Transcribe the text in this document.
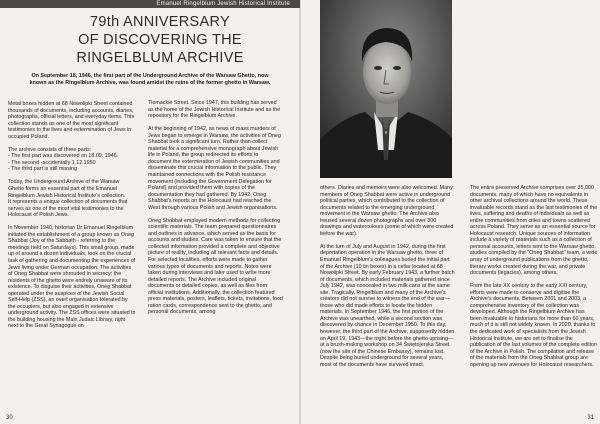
Emanuel Ringelblum Jewish Historical Institute
79th ANNIVERSARY
OF DISCOVERING THE
RINGELBLUM ARCHIVE
On September 18, 1946, the first part of the Underground Archive of the Warsaw Ghetto, now known as the Ringelblum Archive, was found amidst the ruins of the former ghetto in Warsaw.

Metal boxes hidden at 68 Nowolipki Street contained thousands of documents, including accounts, diaries, photographs, official letters, and everyday items. This collection stands as one of the most significant testimonies to the lives and extermination of Jews in occupied Poland.

The archive consists of three parts:
- The first part was discovered on 18.09. 1946.
- The second -accidentally 1.12.1950
- The third part is still missing

Today, the Underground Archive of the Warsaw Ghetto forms an essential part of the Emanuel Ringelblum Jewish Historical Institute's collection.
It represents a unique collection of documents that serves as one of the most vital testimonies to the Holocaust of Polish Jews.

In November 1940, historian Dr Emanuel Ringelblum initiated the establishment of a group known as Oneg Shabbat (Joy of the Sabbath - referring to the meetings held on Saturdays). This small group, made up of around a dozen individuals, took on the crucial task of gathering and documenting the experiences of Jews living under German occupation. The activities of Oneg Shabbat were shrouded in secrecy; the residents of the ghetto were entirely unaware of its existence. To disguise their activities, Oneg Shabbat operated under the auspices of the Jewish Social Self-Help (ŻSS), an overt organisation tolerated by the occupiers, but also engaged in extensive underground activity. The ŻSS offices were situated in the building housing the Main Judaic Library, right next to the Great Synagogue on

Tłomackie Street. Since 1947, this building has served as the home of the Jewish Historical Institute and as the repository for the Ringelblum Archive.

At the beginning of 1942, as news of mass murders of Jews began to emerge in Warsaw, the activities of Oneg Shabbat took a significant turn. Rather than collect material for a comprehensive monograph about Jewish life in Poland, the group redirected its efforts to document the extermination of Jewish communities and disseminate this crucial information to the public. They maintained connections with the Polish resistance movement (including the Government Delegation for Poland) and provided them with copies of the documentation they had gathered. By 1942, Oneg Shabbat's reports on the Holocaust had reached the West through various Polish and Jewish organisations.

Oneg Shabbat employed modern methods for collecting scientific materials. The team prepared questionnaires and outlines in advance, which served as the basis for accounts and studies. Care was taken to ensure that the collected information provided a complete and objective picture of reality, including all relevant facts and details. For selected localities, efforts were made to gather various types of documents and reports. Notes were taken during interviews and later used to write more detailed reports. The Archive included original documents or detailed copies, as well as files from official institutions. Additionally, the collection featured press materials, posters, leaflets, tickets, invitations, food ration cards, correspondence sent to the ghetto, and personal documents, among

others. Diaries and memoirs were also welcomed. Many members of Oneg Shabbat were active in underground political parties, which contributed to the collection of documents related to the emerging underground movement in the Warsaw ghetto. The Archive also housed several dozen photographs and over 300 drawings and watercolours (some of which were created before the war).

At the turn of July and August in 1942, during the first deportation operation in the Warsaw ghetto, three of Emanuel Ringelblum's colleagues buried the initial part of the Archive (10 tin boxes) in a cellar located at 68 Nowolipki Street. By early February 1943, a further batch of documents, which included materials gathered since July 1942, was concealed in two milk cans at the same site. Tragically, Ringelblum and many of the Archive's creators did not survive to witness the end of the war—those who did made efforts to locate the hidden materials. In September 1946, the first portion of the Archive was unearthed, while a second section was discovered by chance in December 1950. To this day, however, the third part of the Archive, supposedly hidden on April 19, 1943—the night before the ghetto uprising—at a brush-making workshop on 34 Świętojerska Street (now the site of the Chinese Embassy), remains lost. Despite being buried underground for several years, most of the documents have survived intact.

The entire preserved Archive comprises over 35,000 documents, many of which have no equivalents in other archival collections around the world. These invaluable records stand as the last testimonies of the lives, suffering and deaths of individuals as well as entire communities from cities and towns scattered across Poland. They serve as an essential source for Holocaust research. Unique sources of information include a variety of materials such as a collection of personal accounts, letters sent to the Warsaw ghetto, studies compiled by the "Oneg Shabbat" team, a wide array of underground publications from the ghetto, literary works created during the war, and private documents (legacies), among others.

From the late XX century to the early XXI century, efforts were made to conserve and digitise the Archive's documents. Between 2001 and 2003, a comprehensive inventory of the collection was developed. Although the Ringelblum Archive has been invaluable to historians for more than 60 years, much of it is still not widely known. In 2020, thanks to the dedicated work of specialists from the Jewish Historical Institute, we are set to finalise the publication of the last volumes of the complete edition of the Archive in Polish. The compilation and release of the materials from the Oneg Shabbat group are opening up new avenues for Holocaust researchers.

30	31
